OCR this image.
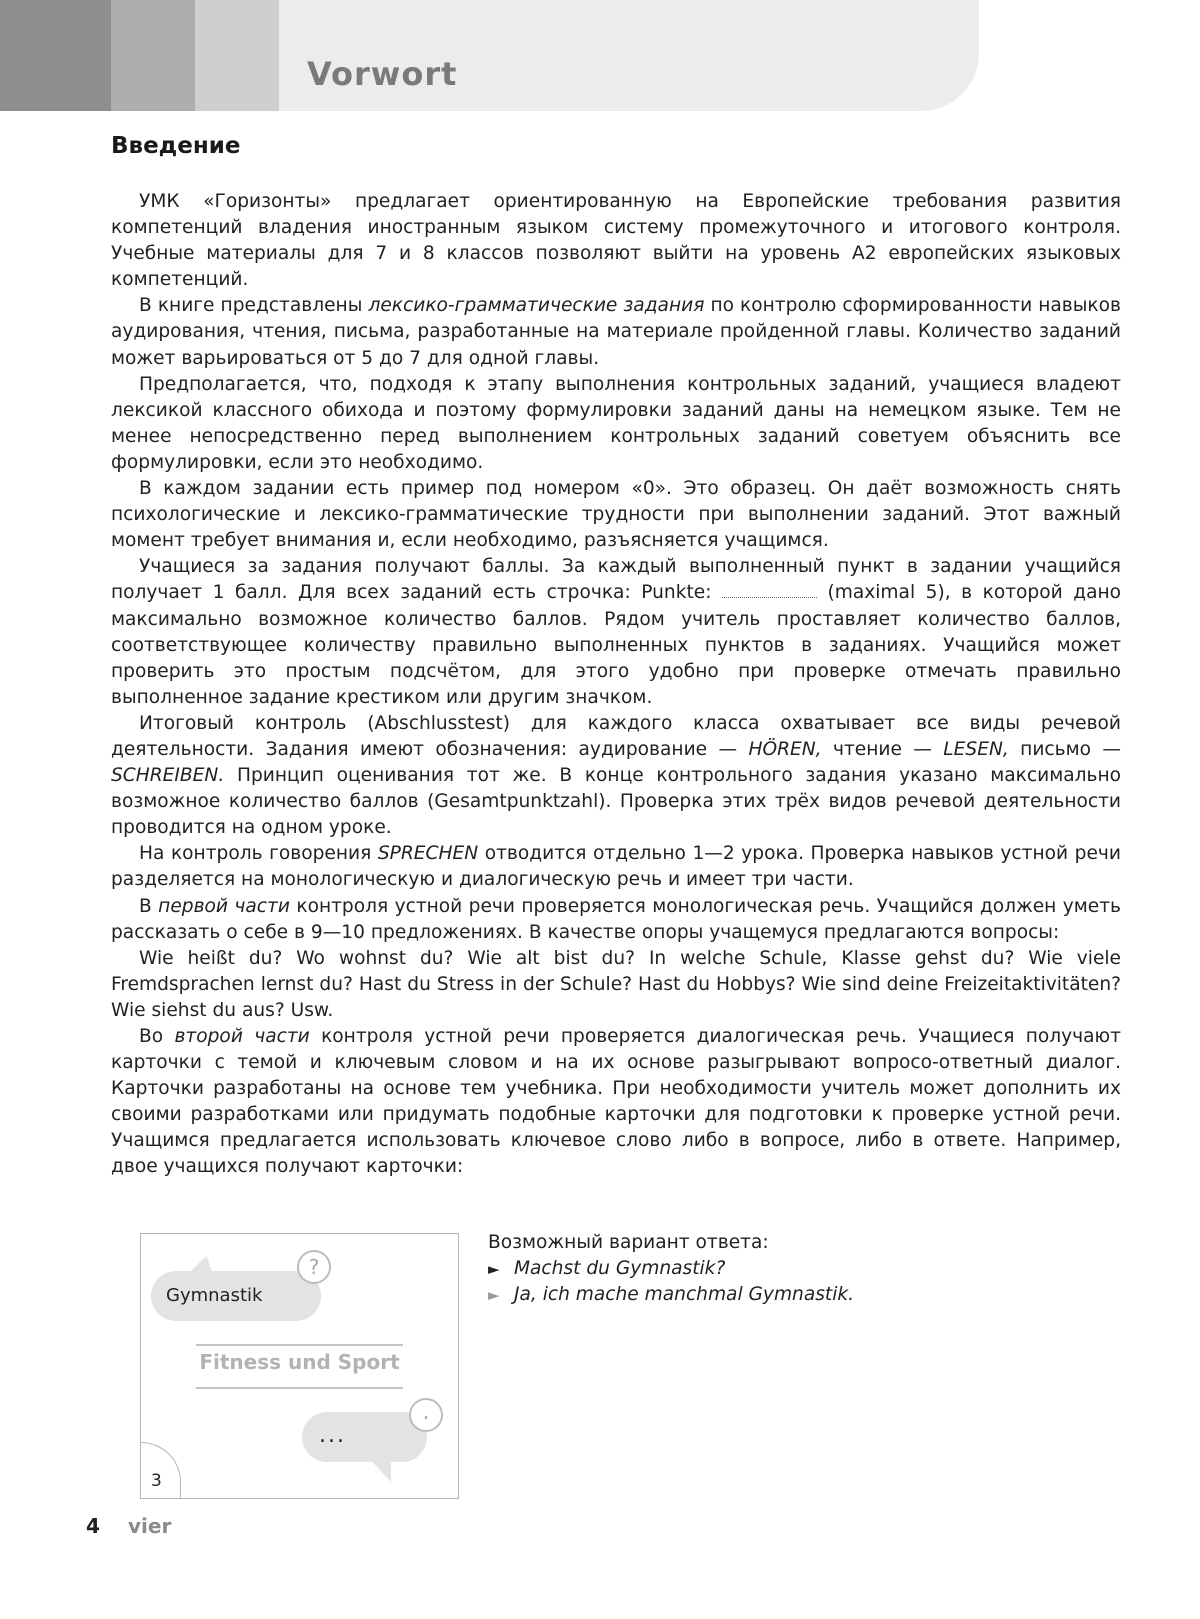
Vorwort
Введение

УМК «Горизонты» предлагает ориентированную на Европейские требования развития компетенций владения иностранным языком систему промежуточного и итогового контроля. Учебные материалы для 7 и 8 классов позволяют выйти на уровень А2 европейских языковых компетенций.

В книге представлены лексико-грамматические задания по контролю сформированности навыков аудирования, чтения, письма, разработанные на материале пройденной главы. Количество заданий может варьироваться от 5 до 7 для одной главы.

Предполагается, что, подходя к этапу выполнения контрольных заданий, учащиеся владеют лексикой классного обихода и поэтому формулировки заданий даны на немецком языке. Тем не менее непосредственно перед выполнением контрольных заданий советуем объяснить все формулировки, если это необходимо.

В каждом задании есть пример под номером «0». Это образец. Он даёт возможность снять психологические и лексико-грамматические трудности при выполнении заданий. Этот важный момент требует внимания и, если необходимо, разъясняется учащимся.

Учащиеся за задания получают баллы. За каждый выполненный пункт в задании учащийся получает 1 балл. Для всех заданий есть строчка: Punkte:	(maximal 5), в которой дано максимально возможное количество баллов. Рядом учитель проставляет количество баллов, соответствующее количеству правильно выполненных пунктов в заданиях. Учащийся может проверить это простым подсчётом, для этого удобно при проверке отмечать правильно выполненное задание крестиком или другим значком.

Итоговый контроль (Abschlusstest) для каждого класса охватывает все виды речевой деятельности. Задания имеют обозначения: аудирование — HÖREN, чтение — LESEN, письмо — SCHREIBEN. Принцип оценивания тот же. В конце контрольного задания указано максимально возможное количество баллов (Gesamtpunktzahl). Проверка этих трёх видов речевой деятельности проводится на одном уроке.

На контроль говорения SPRECHEN отводится отдельно 1—2 урока. Проверка навыков устной речи разделяется на монологическую и диалогическую речь и имеет три части.

В первой части контроля устной речи проверяется монологическая речь. Учащийся должен уметь рассказать о себе в 9—10 предложениях. В качестве опоры учащемуся предлагаются вопросы:

Wie heißt du? Wo wohnst du? Wie alt bist du? In welche Schule, Klasse gehst du? Wie viele Fremdsprachen lernst du? Hast du Stress in der Schule? Hast du Hobbys? Wie sind deine Freizeitaktivitäten? Wie siehst du aus? Usw.

Во второй части контроля устной речи проверяется диалогическая речь. Учащиеся получают карточки с темой и ключевым словом и на их основе разыгрывают вопросо-ответный диалог. Карточки разработаны на основе тем учебника. При необходимости учитель может дополнить их своими разработками или придумать подобные карточки для подготовки к проверке устной речи. Учащимся предлагается использовать ключевое слово либо в вопросе, либо в ответе. Например, двое учащихся получают карточки:

Gymnastik
?
Fitness und Sport
...
.
3
Возможный вариант ответа:
► Machst du Gymnastik?
► Ja, ich mache manchmal Gymnastik.
4 vier
